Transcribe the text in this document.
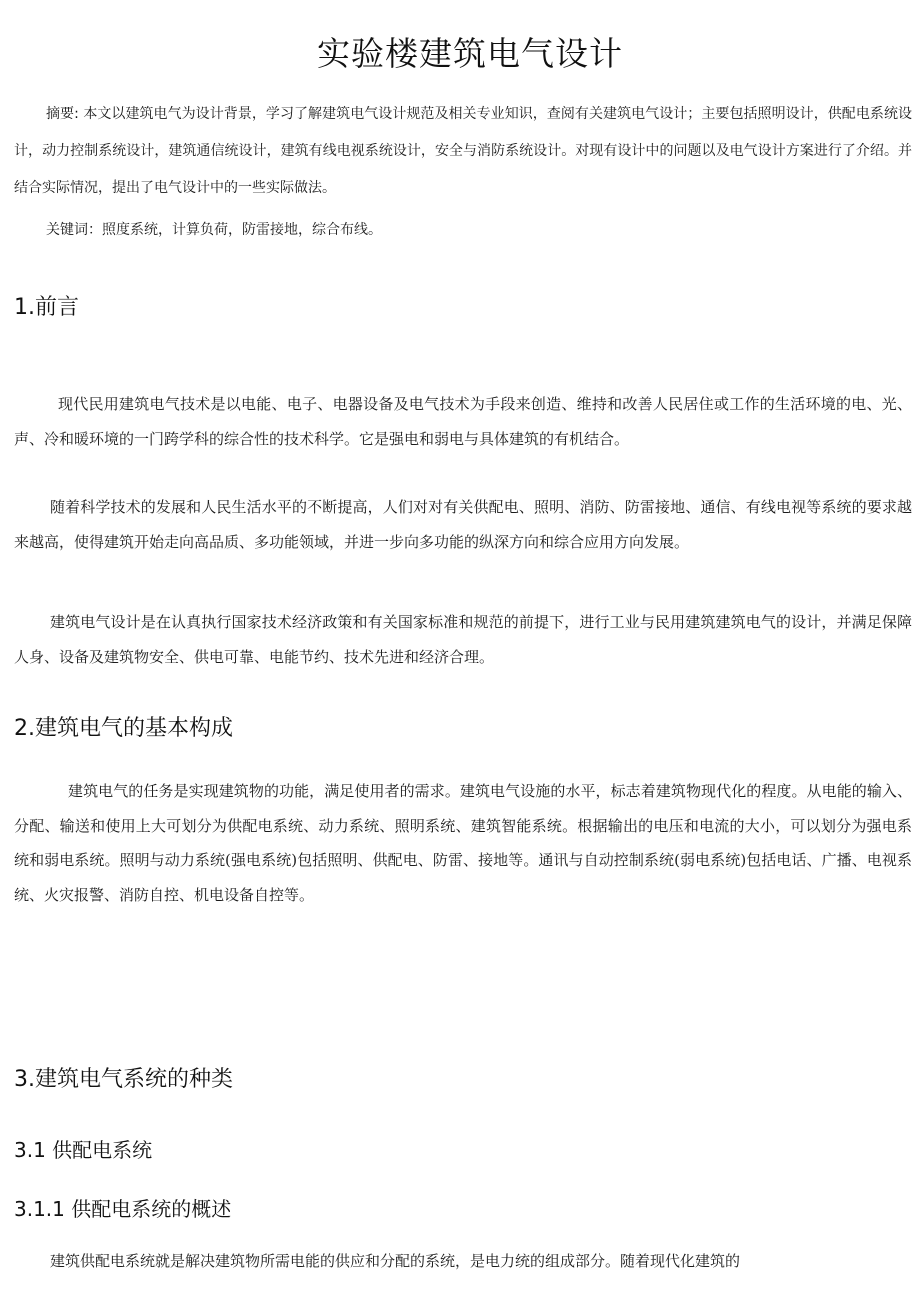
实验楼建筑电气设计

摘要: 本文以建筑电气为设计背景，学习了解建筑电气设计规范及相关专业知识，查阅有关建筑电气设计；主要包括照明设计，供配电系统设计，动力控制系统设计，建筑通信统设计，建筑有线电视系统设计，安全与消防系统设计。对现有设计中的问题以及电气设计方案进行了介绍。并结合实际情况，提出了电气设计中的一些实际做法。

关键词：照度系统，计算负荷，防雷接地，综合布线。

1.前言

现代民用建筑电气技术是以电能、电子、电器设备及电气技术为手段来创造、维持和改善人民居住或工作的生活环境的电、光、声、冷和暖环境的一门跨学科的综合性的技术科学。它是强电和弱电与具体建筑的有机结合。

随着科学技术的发展和人民生活水平的不断提高，人们对对有关供配电、照明、消防、防雷接地、通信、有线电视等系统的要求越来越高，使得建筑开始走向高品质、多功能领域，并进一步向多功能的纵深方向和综合应用方向发展。

建筑电气设计是在认真执行国家技术经济政策和有关国家标准和规范的前提下，进行工业与民用建筑建筑电气的设计，并满足保障人身、设备及建筑物安全、供电可靠、电能节约、技术先进和经济合理。

2.建筑电气的基本构成

建筑电气的任务是实现建筑物的功能，满足使用者的需求。建筑电气设施的水平，标志着建筑物现代化的程度。从电能的输入、分配、输送和使用上大可划分为供配电系统、动力系统、照明系统、建筑智能系统。根据输出的电压和电流的大小，可以划分为强电系统和弱电系统。照明与动力系统(强电系统)包括照明、供配电、防雷、接地等。通讯与自动控制系统(弱电系统)包括电话、广播、电视系统、火灾报警、消防自控、机电设备自控等。

3.建筑电气系统的种类
3.1 供配电系统
3.1.1 供配电系统的概述

建筑供配电系统就是解决建筑物所需电能的供应和分配的系统，是电力统的组成部分。随着现代化建筑的
